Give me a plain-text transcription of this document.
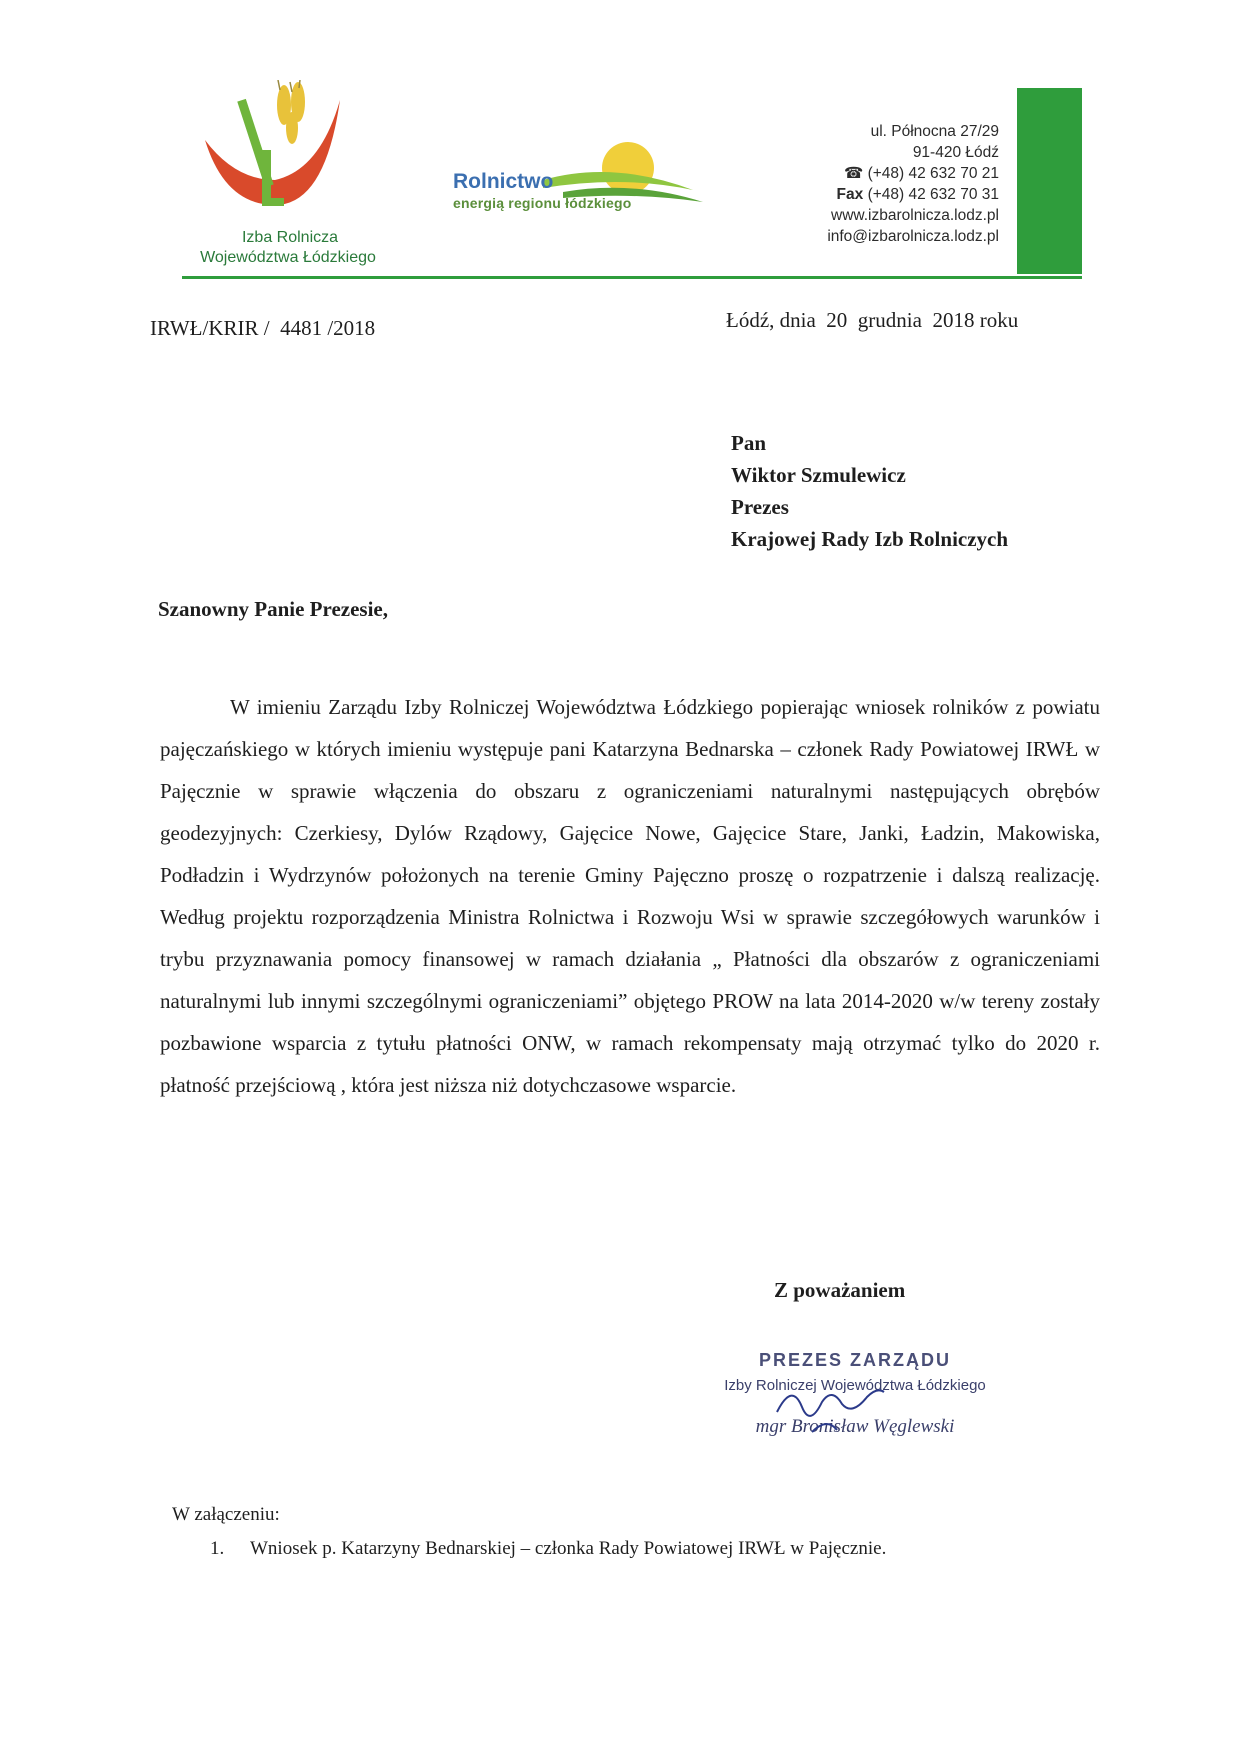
Izba Rolnicza
Województwa Łódzkiego
Rolnictwo
energią regionu łódzkiego
ul. Północna 27/29
91-420 Łódź
☎ (+48) 42 632 70 21
Fax (+48) 42 632 70 31
www.izbarolnicza.lodz.pl
info@izbarolnicza.lodz.pl
IRWŁ/KRIR /  4481 /2018	Łódź, dnia  20  grudnia  2018 roku
Pan
Wiktor Szmulewicz
Prezes
Krajowej Rady Izb Rolniczych
Szanowny Panie Prezesie,
W imieniu Zarządu Izby Rolniczej Województwa Łódzkiego popierając wniosek rolników z powiatu pajęczańskiego w których imieniu występuje pani Katarzyna Bednarska – członek Rady Powiatowej IRWŁ w Pajęcznie w sprawie włączenia do obszaru z ograniczeniami naturalnymi następujących obrębów geodezyjnych: Czerkiesy, Dylów Rządowy, Gajęcice Nowe, Gajęcice Stare, Janki, Ładzin, Makowiska, Podładzin i Wydrzynów położonych na terenie Gminy Pajęczno proszę o rozpatrzenie i dalszą realizację. Według projektu rozporządzenia Ministra Rolnictwa i Rozwoju Wsi w sprawie szczegółowych warunków i trybu przyznawania pomocy finansowej w ramach działania „ Płatności dla obszarów z ograniczeniami naturalnymi lub innymi szczególnymi ograniczeniami” objętego PROW na lata 2014-2020 w/w tereny zostały pozbawione wsparcia z tytułu płatności ONW, w ramach rekompensaty mają otrzymać tylko do 2020 r. płatność przejściową , która jest niższa niż dotychczasowe wsparcie.
Z poważaniem
PREZES ZARZĄDU
Izby Rolniczej Województwa Łódzkiego
mgr Bronisław Węglewski
W załączeniu:
1.	Wniosek p. Katarzyny Bednarskiej – członka Rady Powiatowej IRWŁ w Pajęcznie.
